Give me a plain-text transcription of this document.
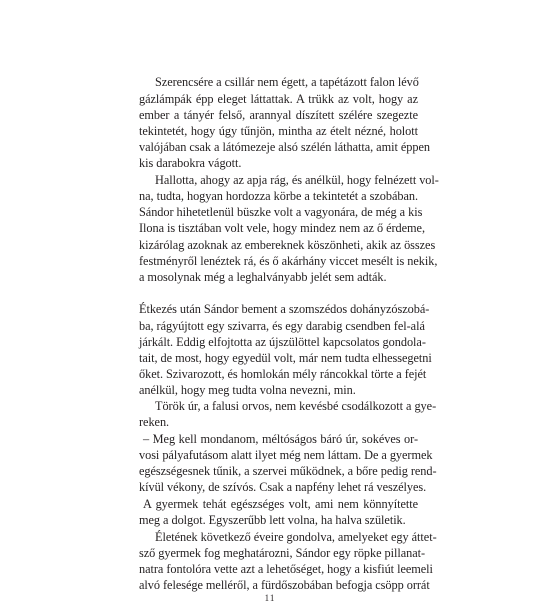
Szerencsére a csillár nem égett, a tapétázott falon lévő
gázlámpák épp eleget láttattak. A trükk az volt, hogy az
ember a tányér felső, arannyal díszített szélére szegezte
tekintetét, hogy úgy tűnjön, mintha az ételt nézné, holott
valójában csak a látómezeje alsó szélén láthatta, amit éppen
kis darabokra vágott.
Hallotta, ahogy az apja rág, és anélkül, hogy felnézett vol-
na, tudta, hogyan hordozza körbe a tekintetét a szobában.
Sándor hihetetlenül büszke volt a vagyonára, de még a kis
Ilona is tisztában volt vele, hogy mindez nem az ő érdeme,
kizárólag azoknak az embereknek köszönheti, akik az összes
festményről lenéztek rá, és ő akárhány viccet mesélt is nekik,
a mosolynak még a leghalványabb jelét sem adták.
Étkezés után Sándor bement a szomszédos dohányzószobá-
ba, rágyújtott egy szivarra, és egy darabig csendben fel-alá
járkált. Eddig elfojtotta az újszülöttel kapcsolatos gondola-
tait, de most, hogy egyedül volt, már nem tudta elhessegetni
őket. Szivarozott, és homlokán mély ráncokkal törte a fejét
anélkül, hogy meg tudta volna nevezni, min.
Török úr, a falusi orvos, nem kevésbé csodálkozott a gye-
reken.
– Meg kell mondanom, méltóságos báró úr, sokéves or-
vosi pályafutásom alatt ilyet még nem láttam. De a gyermek
egészségesnek tűnik, a szervei működnek, a bőre pedig rend-
kívül vékony, de szívós. Csak a napfény lehet rá veszélyes.
A gyermek tehát egészséges volt, ami nem könnyítette
meg a dolgot. Egyszerűbb lett volna, ha halva születik.
Életének következő éveire gondolva, amelyeket egy áttet-
sző gyermek fog meghatározni, Sándor egy röpke pillanat-
natra fontolóra vette azt a lehetőséget, hogy a kisfiút leemeli
alvó felesége melléről, a fürdőszobában befogja csöpp orrát
11
